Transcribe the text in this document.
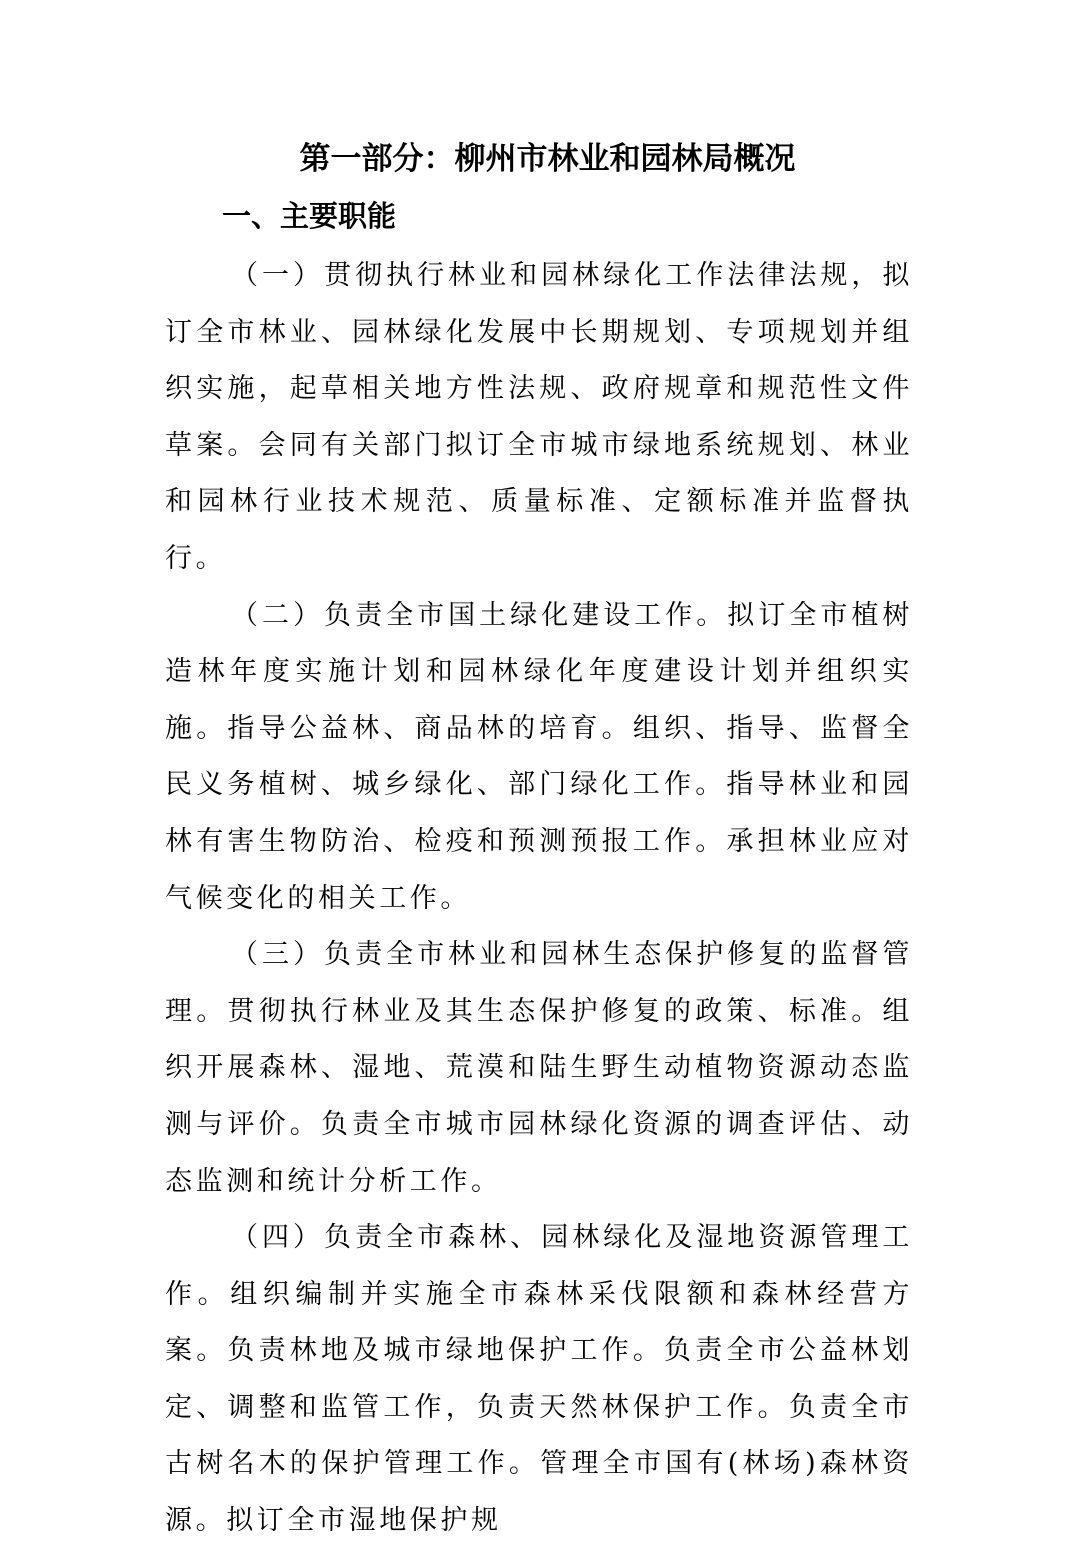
第一部分：柳州市林业和园林局概况
一、主要职能

（一）贯彻执行林业和园林绿化工作法律法规，拟订全市林业、园林绿化发展中长期规划、专项规划并组织实施，起草相关地方性法规、政府规章和规范性文件草案。会同有关部门拟订全市城市绿地系统规划、林业和园林行业技术规范、质量标准、定额标准并监督执行。

（二）负责全市国土绿化建设工作。拟订全市植树造林年度实施计划和园林绿化年度建设计划并组织实施。指导公益林、商品林的培育。组织、指导、监督全民义务植树、城乡绿化、部门绿化工作。指导林业和园林有害生物防治、检疫和预测预报工作。承担林业应对气候变化的相关工作。

（三）负责全市林业和园林生态保护修复的监督管理。贯彻执行林业及其生态保护修复的政策、标准。组织开展森林、湿地、荒漠和陆生野生动植物资源动态监测与评价。负责全市城市园林绿化资源的调查评估、动态监测和统计分析工作。

（四）负责全市森林、园林绿化及湿地资源管理工作。组织编制并实施全市森林采伐限额和森林经营方案。负责林地及城市绿地保护工作。负责全市公益林划定、调整和监管工作，负责天然林保护工作。负责全市古树名木的保护管理工作。管理全市国有(林场)森林资源。拟订全市湿地保护规
